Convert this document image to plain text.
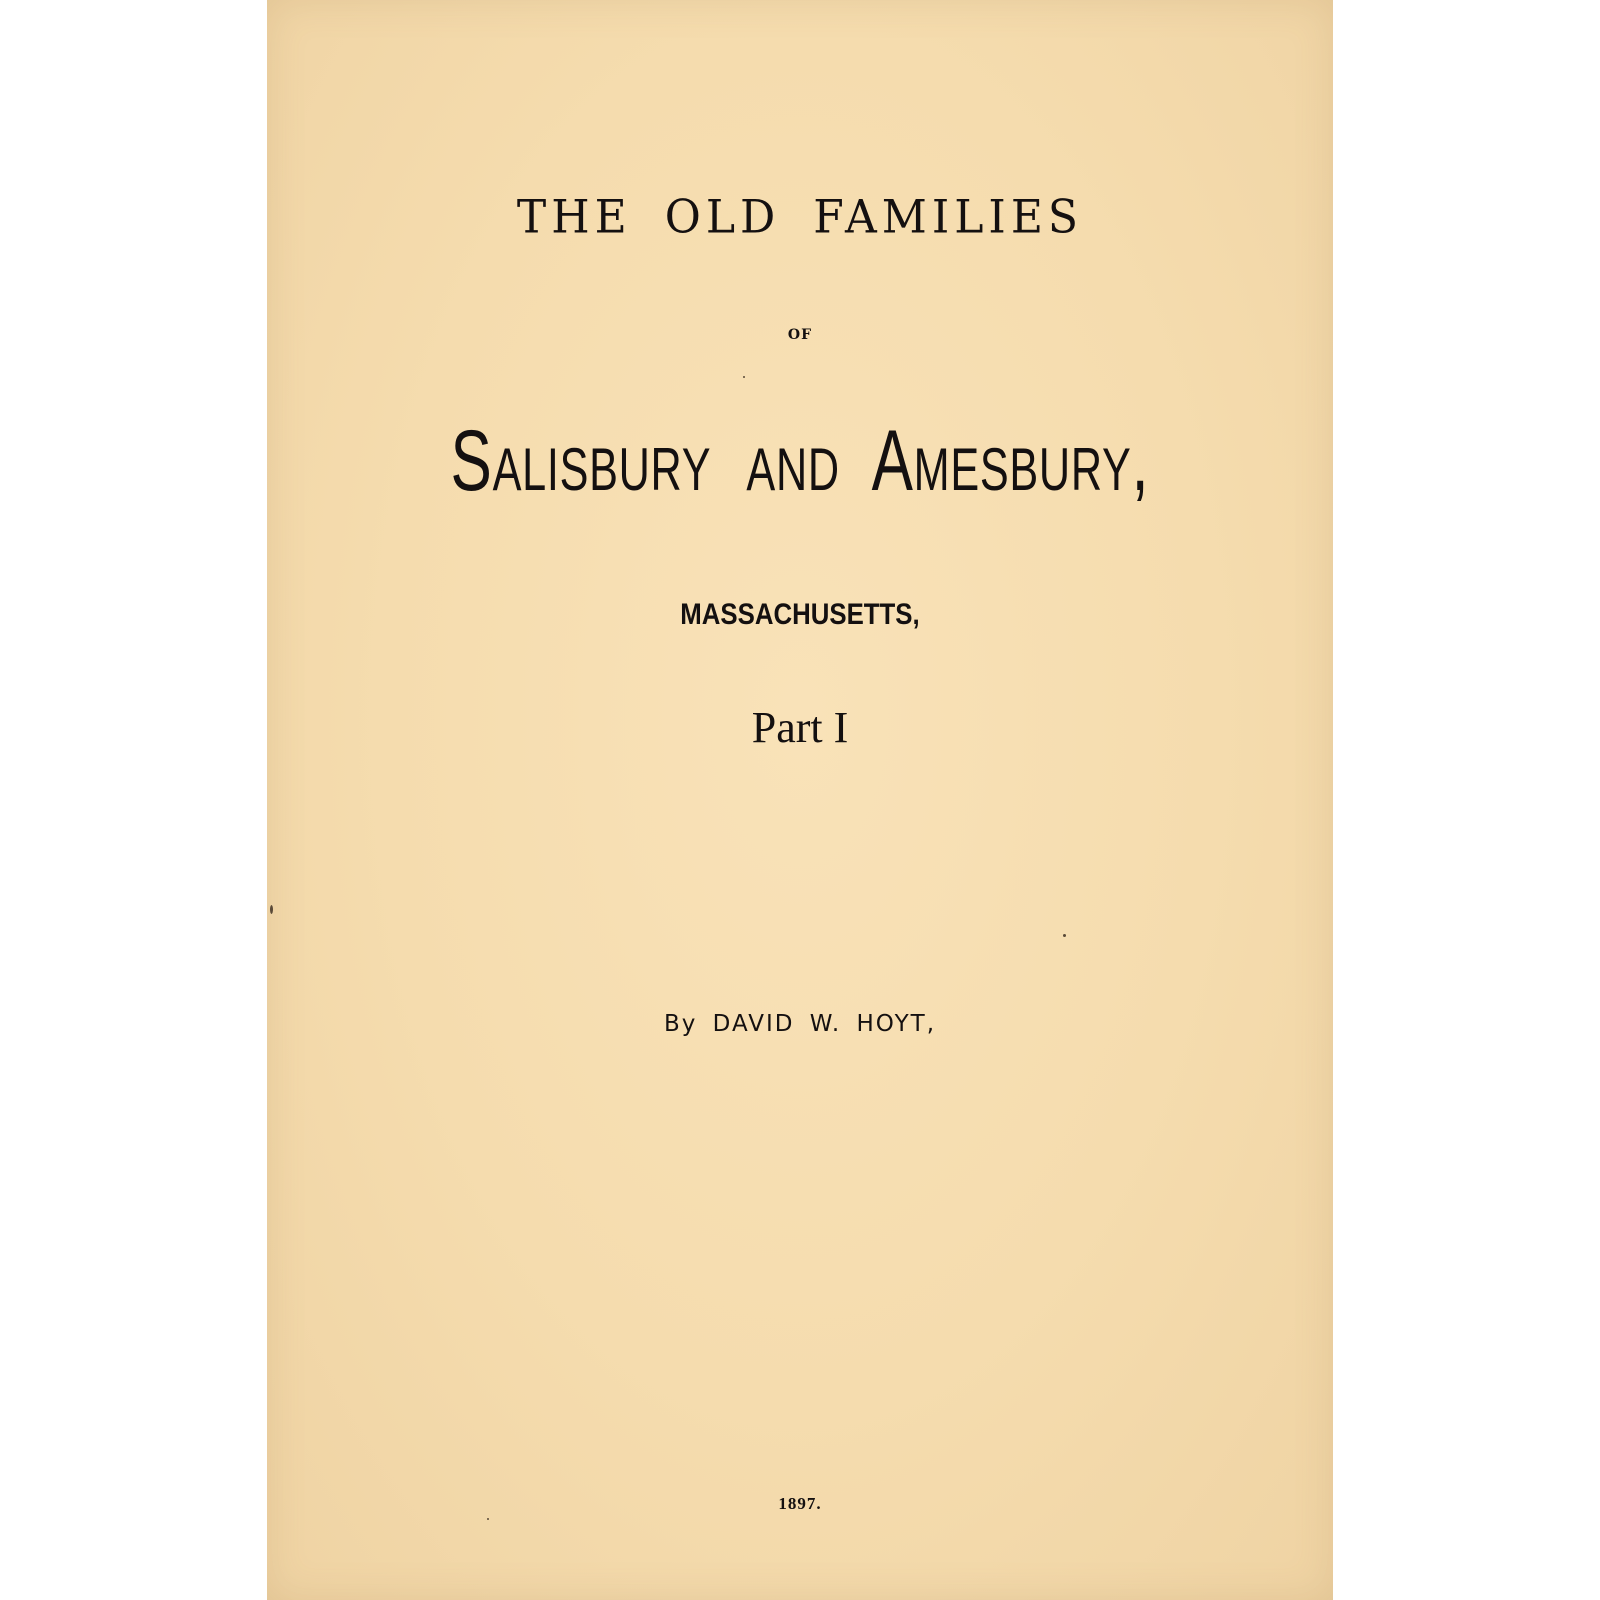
THE OLD FAMILIES
OF
Salisbury and Amesbury,
MASSACHUSETTS,
Part I
By DAVID W. HOYT,
1897.
